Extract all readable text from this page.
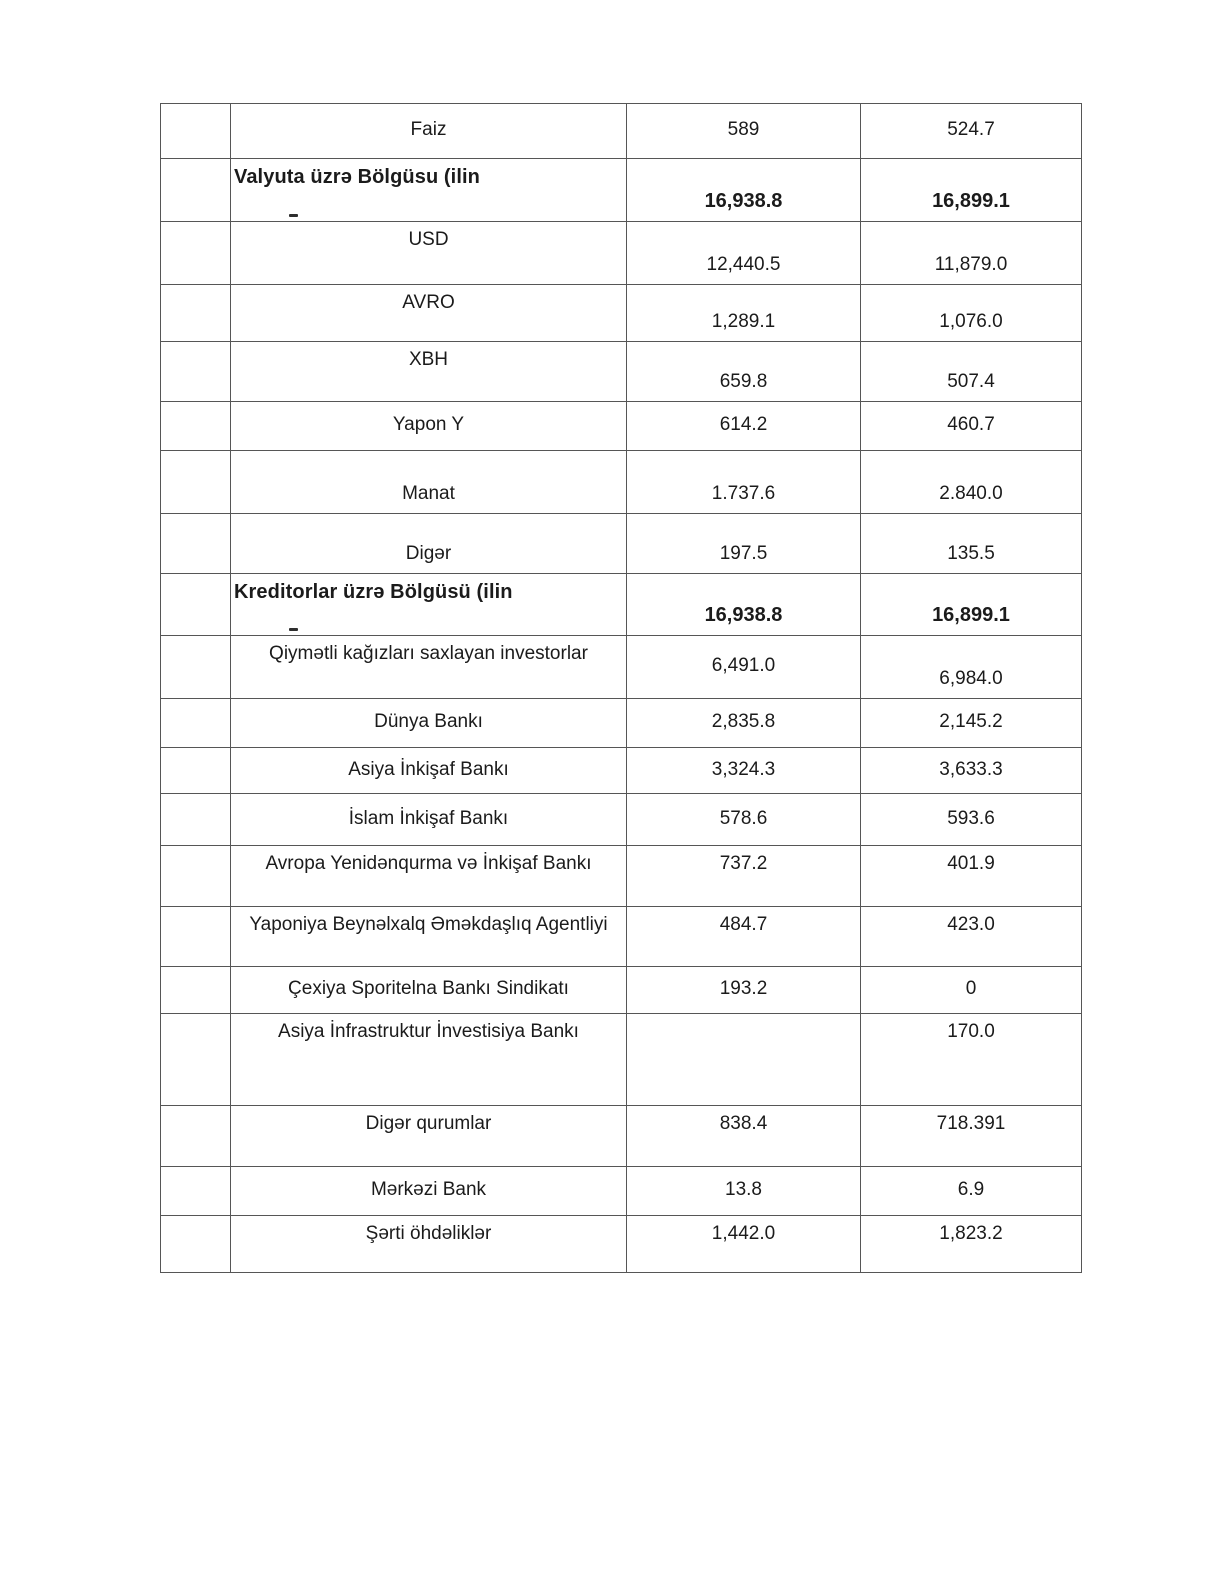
	Faiz	589	524.7
	Valyuta üzrə Bölgüsu (ilin	16,938.8	16,899.1
	USD	12,440.5	11,879.0
	AVRO	1,289.1	1,076.0
	XBH	659.8	507.4
	Yapon Y	614.2	460.7
	Manat	1.737.6	2.840.0
	Digər	197.5	135.5
	Kreditorlar üzrə Bölgüsü (ilin	16,938.8	16,899.1
	Qiymətli kağızları saxlayan investorlar	6,491.0	6,984.0
	Dünya Bankı	2,835.8	2,145.2
	Asiya İnkişaf Bankı	3,324.3	3,633.3
	İslam İnkişaf Bankı	578.6	593.6
	Avropa Yenidənqurma və İnkişaf Bankı	737.2	401.9
	Yaponiya Beynəlxalq Əməkdaşlıq Agentliyi	484.7	423.0
	Çexiya Sporitelna Bankı Sindikatı	193.2	0
	Asiya İnfrastruktur İnvestisiya Bankı		170.0
	Digər qurumlar	838.4	718.391
	Mərkəzi Bank	13.8	6.9
	Şərti öhdəliklər	1,442.0	1,823.2
